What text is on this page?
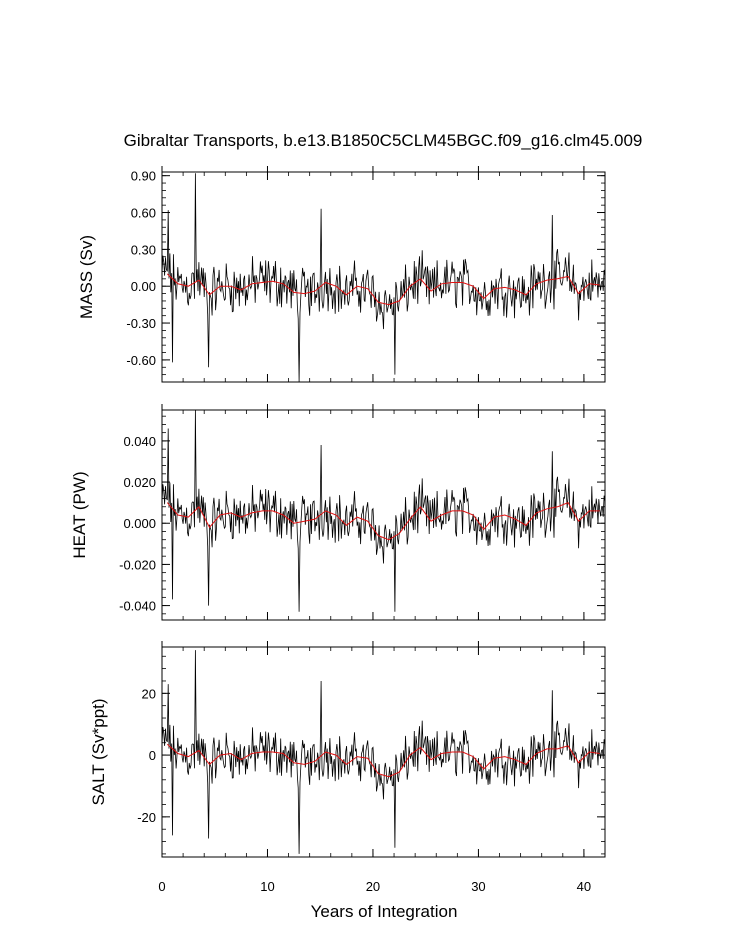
Gibraltar Transports, b.e13.B1850C5CLM45BGC.f09_g16.clm45.009
-0.60
-0.30
0.00
0.30
0.60
0.90
MASS (Sv)
-0.040
-0.020
0.000
0.020
0.040
HEAT (PW)
-20
0
20
SALT (Sv*ppt)
0	10	20	30	40
Years of Integration
